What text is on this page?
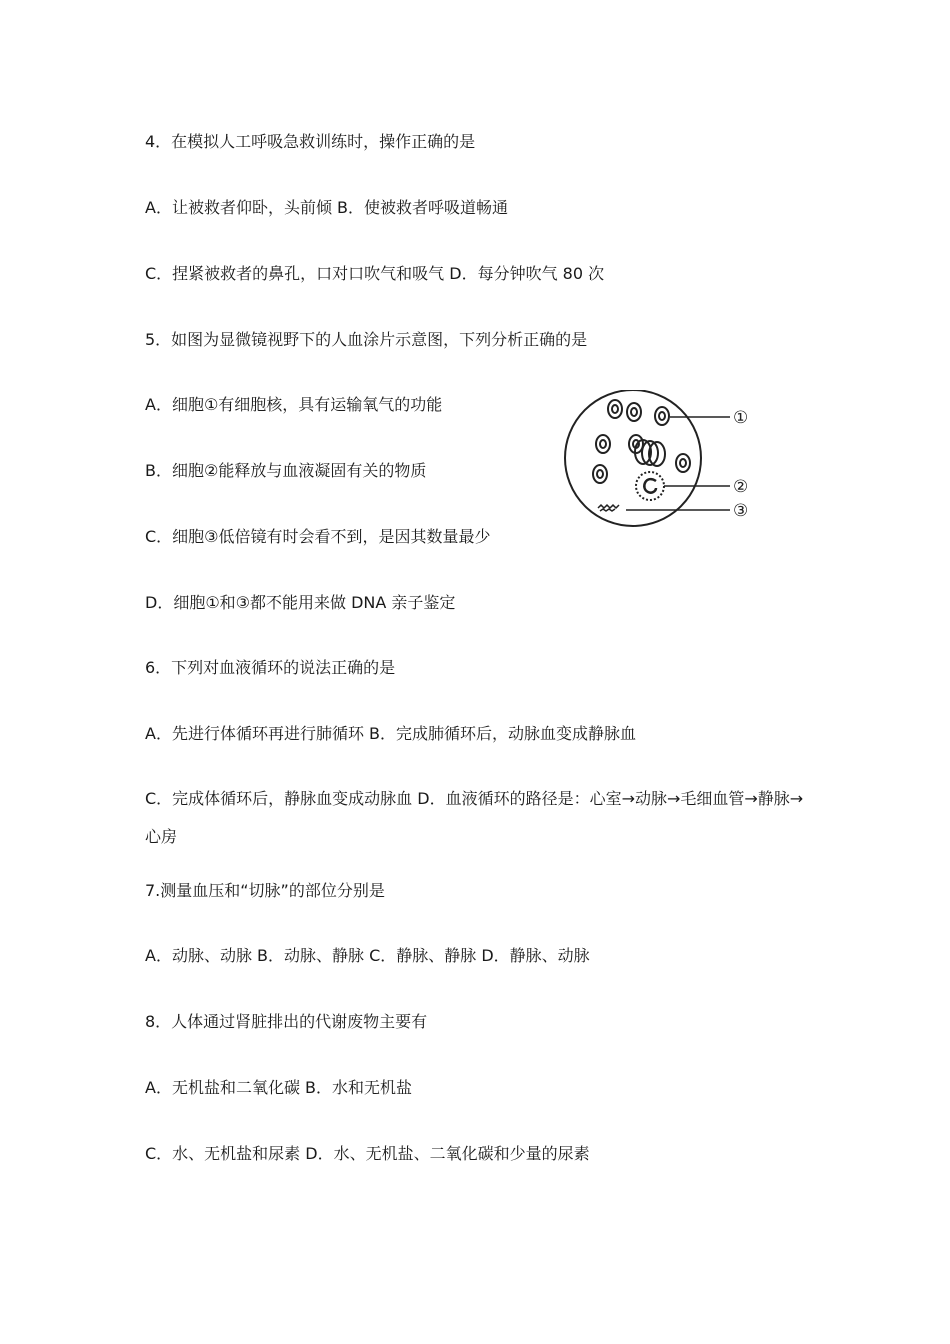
4．在模拟人工呼吸急救训练时，操作正确的是
A．让被救者仰卧，头前倾 B．使被救者呼吸道畅通
C．捏紧被救者的鼻孔，口对口吹气和吸气 D．每分钟吹气 80 次
5．如图为显微镜视野下的人血涂片示意图，下列分析正确的是
A．细胞①有细胞核，具有运输氧气的功能
B．细胞②能释放与血液凝固有关的物质
C．细胞③低倍镜有时会看不到，是因其数量最少
D．细胞①和③都不能用来做 DNA 亲子鉴定
6．下列对血液循环的说法正确的是
A．先进行体循环再进行肺循环 B．完成肺循环后，动脉血变成静脉血
C．完成体循环后，静脉血变成动脉血 D．血液循环的路径是：心室→动脉→毛细血管→静脉→心房
7.测量血压和“切脉”的部位分别是
A．动脉、动脉 B．动脉、静脉 C．静脉、静脉 D．静脉、动脉
8．人体通过肾脏排出的代谢废物主要有
A．无机盐和二氧化碳 B．水和无机盐
C．水、无机盐和尿素 D．水、无机盐、二氧化碳和少量的尿素
①
②
③
